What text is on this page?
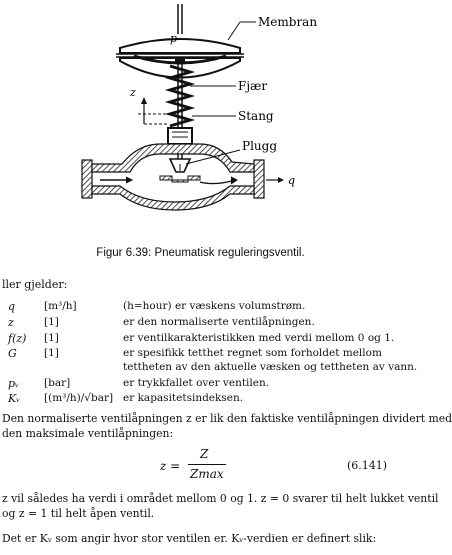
Membran
p
z	Fjær
Stang
Plugg
q
Figur 6.39: Pneumatisk reguleringsventil.
ller gjelder:
q	[m³/h]	(h=hour) er væskens volumstrøm.
z	[1]	er den normaliserte ventilåpningen.
f(z) [1]	er ventilkarakteristikken med verdi mellom 0 og 1.
G	[1]	er spesifikk tetthet regnet som forholdet mellom
tettheten av den aktuelle væsken og tettheten av vann.
pᵥ [bar]	er trykkfallet over ventilen.
Kᵥ [(m³/h)/√bar] er kapasitetsindeksen.
Den normaliserte ventilåpningen z er lik den faktiske ventilåpningen dividert med
den maksimale ventilåpningen:
z =
Z
Zmax
(6.141)
z vil således ha verdi i området mellom 0 og 1. z = 0 svarer til helt lukket ventil
og z = 1 til helt åpen ventil.
Det er Kᵥ som angir hvor stor ventilen er. Kᵥ-verdien er definert slik:
